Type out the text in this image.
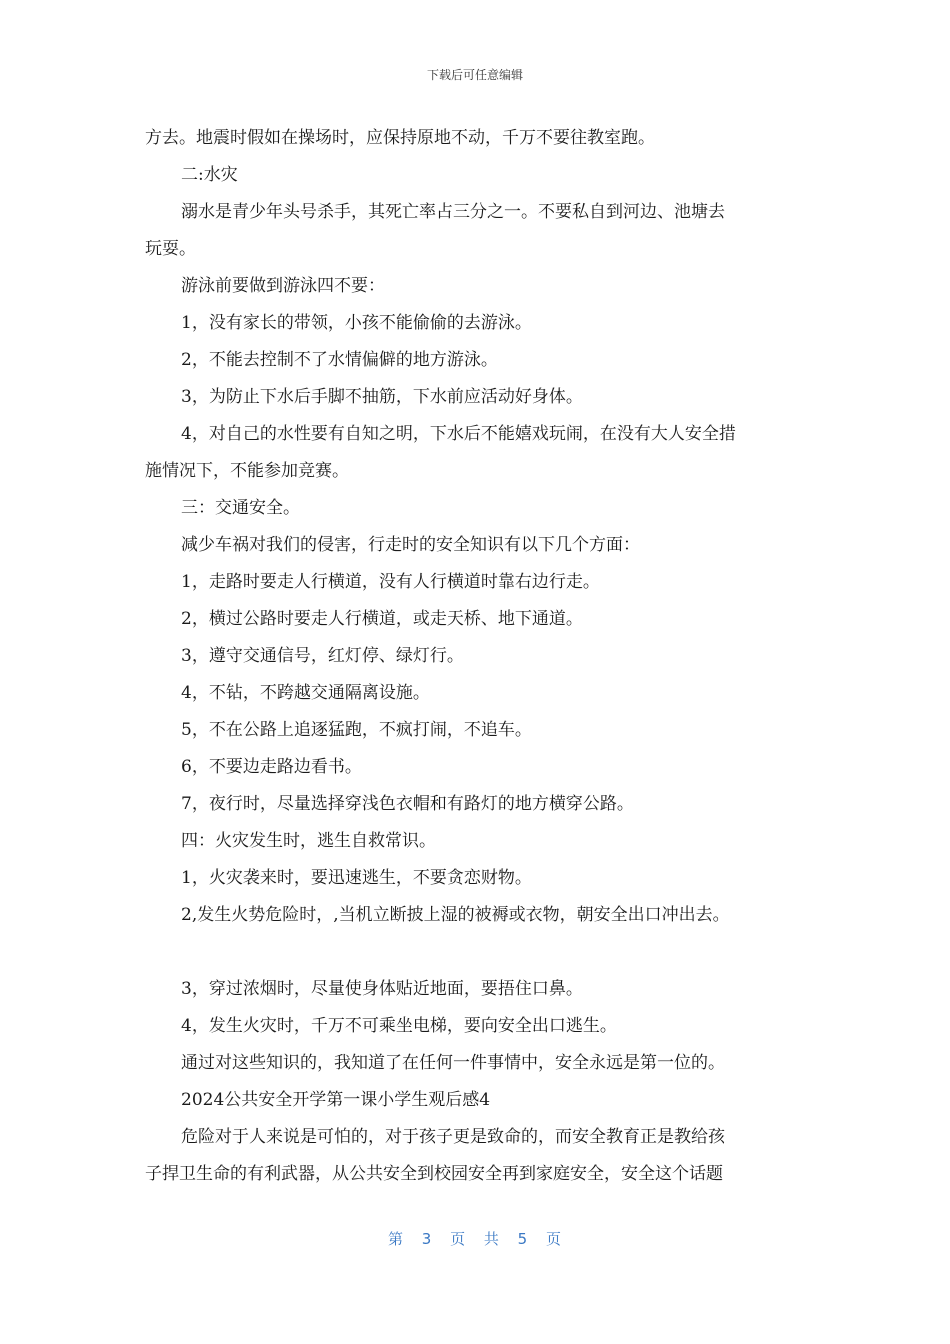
下载后可任意编辑

方去。地震时假如在操场时，应保持原地不动，千万不要往教室跑。

二:水灾

溺水是青少年头号杀手，其死亡率占三分之一。不要私自到河边、池塘去

玩耍。

游泳前要做到游泳四不要：

1，没有家长的带领，小孩不能偷偷的去游泳。

2，不能去控制不了水情偏僻的地方游泳。

3，为防止下水后手脚不抽筋，下水前应活动好身体。

4，对自己的水性要有自知之明，下水后不能嬉戏玩闹，在没有大人安全措

施情况下，不能参加竞赛。

三：交通安全。

减少车祸对我们的侵害，行走时的安全知识有以下几个方面：

1，走路时要走人行横道，没有人行横道时靠右边行走。

2，横过公路时要走人行横道，或走天桥、地下通道。

3，遵守交通信号，红灯停、绿灯行。

4，不钻，不跨越交通隔离设施。

5，不在公路上追逐猛跑，不疯打闹，不追车。

6，不要边走路边看书。

7，夜行时，尽量选择穿浅色衣帽和有路灯的地方横穿公路。

四：火灾发生时，逃生自救常识。

1，火灾袭来时，要迅速逃生，不要贪恋财物。

2,发生火势危险时，,当机立断披上湿的被褥或衣物，朝安全出口冲出去。

3，穿过浓烟时，尽量使身体贴近地面，要捂住口鼻。

4，发生火灾时，千万不可乘坐电梯，要向安全出口逃生。

通过对这些知识的，我知道了在任何一件事情中，安全永远是第一位的。

2024公共安全开学第一课小学生观后感4

危险对于人来说是可怕的，对于孩子更是致命的，而安全教育正是教给孩

子捍卫生命的有利武器，从公共安全到校园安全再到家庭安全，安全这个话题

第 3 页 共 5 页
